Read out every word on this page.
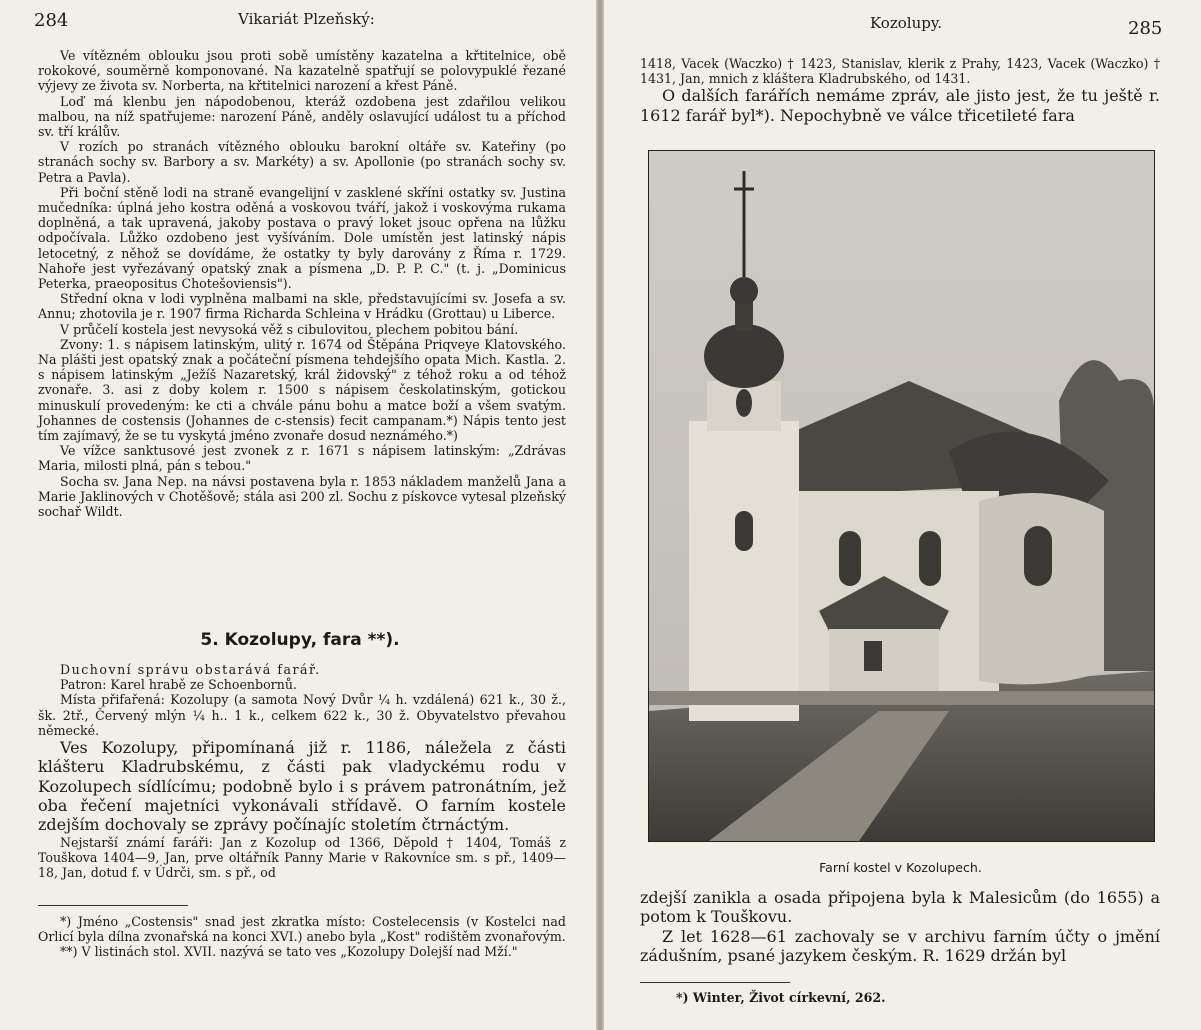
284	Vikariát Plzeňský:

Ve vítězném oblouku jsou proti sobě umístěny kazatelna a křtitelnice, obě rokokové, souměrně komponované. Na kazatelně spatřují se polovypuklé řezané výjevy ze života sv. Norberta, na křtitelnici narození a křest Páně.

Loď má klenbu jen nápodobenou, kteráž ozdobena jest zdařilou velikou malbou, na níž spatřujeme: narození Páně, anděly oslavující událost tu a příchod sv. tří králův.

V rozích po stranách vítězného oblouku barokní oltáře sv. Kateřiny (po stranách sochy sv. Barbory a sv. Markéty) a sv. Apollonie (po stranách sochy sv. Petra a Pavla).

Při boční stěně lodi na straně evangelijní v zasklené skříni ostatky sv. Justina mučedníka: úplná jeho kostra oděná a voskovou tváří, jakož i voskovýma rukama doplněná, a tak upravená, jakoby postava o pravý loket jsouc opřena na lůžku odpočívala. Lůžko ozdobeno jest vyšíváním. Dole umístěn jest latinský nápis letocetný, z něhož se dovídáme, že ostatky ty byly darovány z Říma r. 1729. Nahoře jest vyřezávaný opatský znak a písmena „D. P. P. C." (t. j. „Dominicus Peterka, praeopositus Chotešoviensis").

Střední okna v lodi vyplněna malbami na skle, představujícími sv. Josefa a sv. Annu; zhotovila je r. 1907 firma Richarda Schleina v Hrádku (Grottau) u Liberce.

V průčelí kostela jest nevysoká věž s cibulovitou, plechem pobitou bání.

Zvony: 1. s nápisem latinským, ulitý r. 1674 od Štěpána Priqveye Klatovského. Na plášti jest opatský znak a počáteční písmena tehdejšího opata Mich. Kastla. 2. s nápisem latinským „Ježíš Nazaretský, král židovský" z téhož roku a od téhož zvonaře. 3. asi z doby kolem r. 1500 s nápisem českolatinským, gotickou minuskulí provedeným: ke cti a chvále pánu bohu a matce boží a všem svatým. Johannes de costensis (Johannes de c-stensis) fecit campanam.*) Nápis tento jest tím zajímavý, že se tu vyskytá jméno zvonaře dosud neznámého.*)

Ve vížce sanktusové jest zvonek z r. 1671 s nápisem latinským: „Zdrávas Maria, milosti plná, pán s tebou."

Socha sv. Jana Nep. na návsi postavena byla r. 1853 nákladem manželů Jana a Marie Jaklinových v Chotěšově; stála asi 200 zl. Sochu z pískovce vytesal plzeňský sochař Wildt.

5. Kozolupy, fara **).

Duchovní správu obstarává farář.

Patron: Karel hrabě ze Schoenbornů.

Místa přifařená: Kozolupy (a samota Nový Dvůr ¼ h. vzdálená) 621 k., 30 ž., šk. 2tř., Červený mlýn ¼ h.. 1 k., celkem 622 k., 30 ž. Obyvatelstvo převahou německé.

Ves Kozolupy, připomínaná již r. 1186, náležela z části klášteru Kladrubskému, z části pak vladyckému rodu v Kozolupech sídlícímu; podobně bylo i s právem patronátním, jež oba řečení majetníci vykonávali střídavě. O farním kostele zdejším dochovaly se zprávy počínajíc stoletím čtrnáctým.

Nejstarší známí faráři: Jan z Kozolup od 1366, Děpold † 1404, Tomáš z Touškova 1404—9, Jan, prve oltářník Panny Marie v Rakovníce sm. s př., 1409—18, Jan, dotud f. v Údrči, sm. s př., od

*) Jméno „Costensis" snad jest zkratka místo: Costelecensis (v Kostelci nad Orlicí byla dílna zvonařská na konci XVI.) anebo byla „Kost" rodištěm zvonařovým.

**) V listinách stol. XVII. nazývá se tato ves „Kozolupy Dolejší nad Mží."

Kozolupy.	285

1418, Vacek (Waczko) † 1423, Stanislav, klerik z Prahy, 1423, Vacek (Waczko) † 1431, Jan, mnich z kláštera Kladrubského, od 1431.

O dalších farářích nemáme zpráv, ale jisto jest, že tu ještě r. 1612 farář byl*). Nepochybně ve válce třicetileté fara

Farní kostel v Kozolupech.

zdejší zanikla a osada připojena byla k Malesicům (do 1655) a potom k Touškovu.

Z let 1628—61 zachovaly se v archivu farním účty o jmění zádušním, psané jazykem českým. R. 1629 držán byl

*) Winter, Život církevní, 262.
